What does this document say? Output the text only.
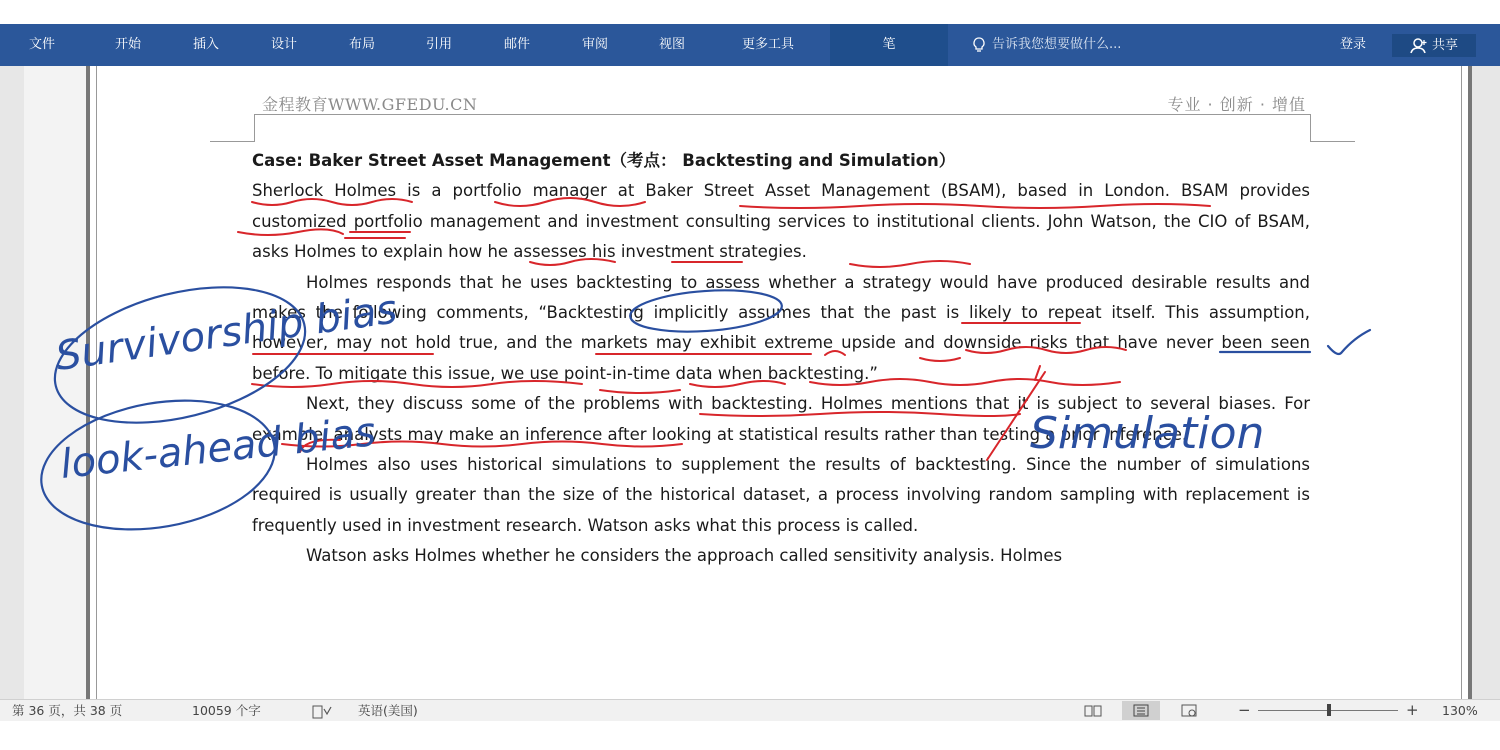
文件	开始	插入	设计	布局	引用	邮件	审阅	视图	更多工具	笔	告诉我您想要做什么...	登录	共享
金程教育WWW.GFEDU.CN	专业 · 创新 · 增值

Case: Baker Street Asset Management（考点： Backtesting and Simulation）

Sherlock Holmes is a portfolio manager at Baker Street Asset Management (BSAM), based in London. BSAM provides customized portfolio management and investment consulting services to institutional clients. John Watson, the CIO of BSAM, asks Holmes to explain how he assesses his investment strategies.

Holmes responds that he uses backtesting to assess whether a strategy would have produced desirable results and makes the following comments, “Backtesting implicitly assumes that the past is likely to repeat itself. This assumption, however, may not hold true, and the markets may exhibit extreme upside and downside risks that have never been seen before. To mitigate this issue, we use point-in-time data when backtesting.”

Next, they discuss some of the problems with backtesting. Holmes mentions that it is subject to several biases. For example, analysts may make an inference after looking at statistical results rather than testing a prior inference.

Holmes also uses historical simulations to supplement the results of backtesting. Since the number of simulations required is usually greater than the size of the historical dataset, a process involving random sampling with replacement is frequently used in investment research. Watson asks what this process is called.

Watson asks Holmes whether he considers the approach called sensitivity analysis. Holmes

Survivorship bias
look-ahead bias	Simulation
第 36 页，共 38 页	10059 个字	英语(美国)	−	+ 130%
